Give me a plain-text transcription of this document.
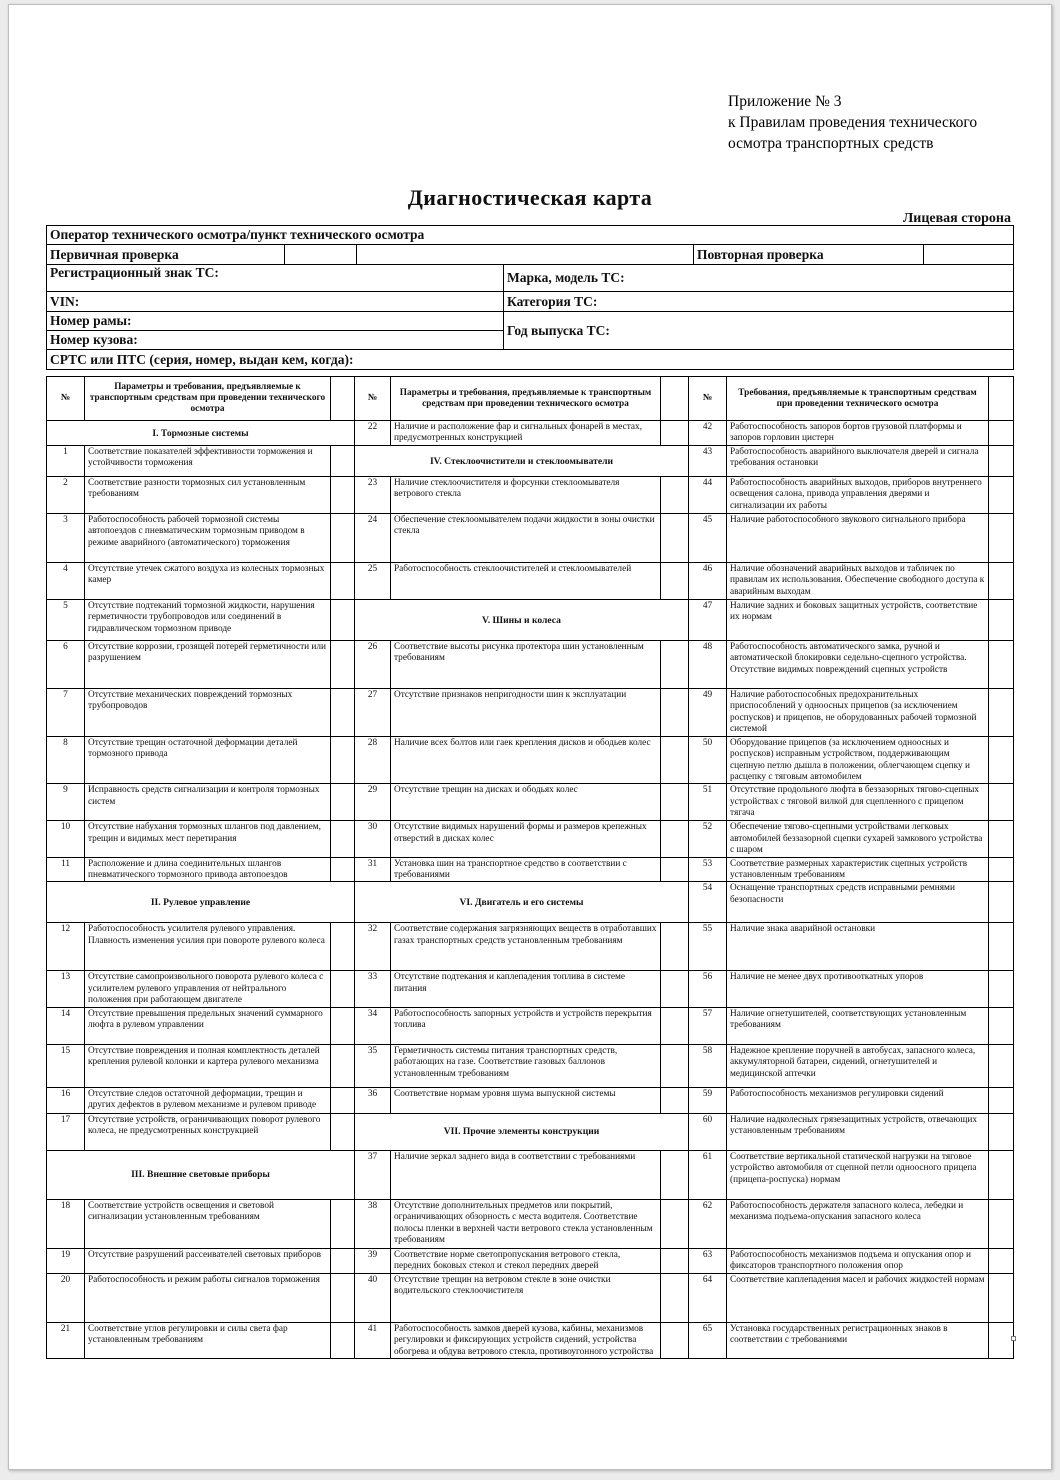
Приложение № 3
к Правилам проведения технического
осмотра транспортных средств
Диагностическая карта
Лицевая сторона
Оператор технического осмотра/пункт технического осмотра					
Первичная проверка				Повторная проверка	
Регистрационный знак ТС:			Марка, модель ТС:		
VIN:			Категория ТС:		
Номер рамы:			Год выпуска ТС:		
Номер кузова:					
СРТС или ПТС (серия, номер, выдан кем, когда):					
№	Параметры и требования, предъявляемые к транспортным средствам при проведении технического осмотра		№	Параметры и требования, предъявляемые к транспортным средствам при проведении технического осмотра		№	Требования, предъявляемые к транспортным средствам при проведении технического осмотра	
I. Тормозные системы			22	Наличие и расположение фар и сигнальных фонарей в местах, предусмотренных конструкцией		42	Работоспособность запоров бортов грузовой платформы и запоров горловин цистерн	
1	Соответствие показателей эффективности торможения и устойчивости торможения		IV. Стеклоочистители и стеклоомыватели			43	Работоспособность аварийного выключателя дверей и сигнала требования остановки	
2	Соответствие разности тормозных сил установленным требованиям		23	Наличие стеклоочистителя и форсунки стеклоомывателя ветрового стекла		44	Работоспособность аварийных выходов, приборов внутреннего освещения салона, привода управления дверями и сигнализации их работы	
3	Работоспособность рабочей тормозной системы автопоездов с пневматическим тормозным приводом в режиме аварийного (автоматического) торможения		24	Обеспечение стеклоомывателем подачи жидкости в зоны очистки стекла		45	Наличие работоспособного звукового сигнального прибора	
4	Отсутствие утечек сжатого воздуха из колесных тормозных камер		25	Работоспособность стеклоочистителей и стеклоомывателей		46	Наличие обозначений аварийных выходов и табличек по правилам их использования. Обеспечение свободного доступа к аварийным выходам	
5	Отсутствие подтеканий тормозной жидкости, нарушения герметичности трубопроводов или соединений в гидравлическом тормозном приводе		V. Шины и колеса			47	Наличие задних и боковых защитных устройств, соответствие их нормам	
6	Отсутствие коррозии, грозящей потерей герметичности или разрушением		26	Соответствие высоты рисунка протектора шин установленным требованиям		48	Работоспособность автоматического замка, ручной и автоматической блокировки седельно-сцепного устройства. Отсутствие видимых повреждений сцепных устройств	
7	Отсутствие механических повреждений тормозных трубопроводов		27	Отсутствие признаков непригодности шин к эксплуатации		49	Наличие работоспособных предохранительных приспособлений у одноосных прицепов (за исключением роспусков) и прицепов, не оборудованных рабочей тормозной системой	
8	Отсутствие трещин остаточной деформации деталей тормозного привода		28	Наличие всех болтов или гаек крепления дисков и ободьев колес		50	Оборудование прицепов (за исключением одноосных и роспусков) исправным устройством, поддерживающим сцепную петлю дышла в положении, облегчающем сцепку и расцепку с тяговым автомобилем	
9	Исправность средств сигнализации и контроля тормозных систем		29	Отсутствие трещин на дисках и ободьях колес		51	Отсутствие продольного люфта в беззазорных тягово-сцепных устройствах с тяговой вилкой для сцепленного с прицепом тягача	
10	Отсутствие набухания тормозных шлангов под давлением, трещин и видимых мест перетирания		30	Отсутствие видимых нарушений формы и размеров крепежных отверстий в дисках колес		52	Обеспечение тягово-сцепными устройствами легковых автомобилей беззазорной сцепки сухарей замкового устройства с шаром	
11	Расположение и длина соединительных шлангов пневматического тормозного привода автопоездов		31	Установка шин на транспортное средство в соответствии с требованиями		53	Соответствие размерных характеристик сцепных устройств установленным требованиям	
II. Рулевое управление			VI. Двигатель и его системы			54	Оснащение транспортных средств исправными ремнями безопасности	
12	Работоспособность усилителя рулевого управления. Плавность изменения усилия при повороте рулевого колеса		32	Соответствие содержания загрязняющих веществ в отработавших газах транспортных средств установленным требованиям		55	Наличие знака аварийной остановки	
13	Отсутствие самопроизвольного поворота рулевого колеса с усилителем рулевого управления от нейтрального положения при работающем двигателе		33	Отсутствие подтекания и каплепадения топлива в системе питания		56	Наличие не менее двух противооткатных упоров	
14	Отсутствие превышения предельных значений суммарного люфта в рулевом управлении		34	Работоспособность запорных устройств и устройств перекрытия топлива		57	Наличие огнетушителей, соответствующих установленным требованиям	
15	Отсутствие повреждения и полная комплектность деталей крепления рулевой колонки и картера рулевого механизма		35	Герметичность системы питания транспортных средств, работающих на газе. Соответствие газовых баллонов установленным требованиям		58	Надежное крепление поручней в автобусах, запасного колеса, аккумуляторной батареи, сидений, огнетушителей и медицинской аптечки	
16	Отсутствие следов остаточной деформации, трещин и других дефектов в рулевом механизме и рулевом приводе		36	Соответствие нормам уровня шума выпускной системы		59	Работоспособность механизмов регулировки сидений	
17	Отсутствие устройств, ограничивающих поворот рулевого колеса, не предусмотренных конструкцией		VII. Прочие элементы конструкции			60	Наличие надколесных грязезащитных устройств, отвечающих установленным требованиям	
III. Внешние световые приборы			37	Наличие зеркал заднего вида в соответствии с требованиями		61	Соответствие вертикальной статической нагрузки на тяговое устройство автомобиля от сцепной петли одноосного прицепа (прицепа-роспуска) нормам	
18	Соответствие устройств освещения и световой сигнализации установленным требованиям		38	Отсутствие дополнительных предметов или покрытий, ограничивающих обзорность с места водителя. Соответствие полосы пленки в верхней части ветрового стекла установленным требованиям		62	Работоспособность держателя запасного колеса, лебедки и механизма подъема-опускания запасного колеса	
19	Отсутствие разрушений рассеивателей световых приборов		39	Соответствие норме светопропускания ветрового стекла, передних боковых стекол и стекол передних дверей		63	Работоспособность механизмов подъема и опускания опор и фиксаторов транспортного положения опор	
20	Работоспособность и режим работы сигналов торможения		40	Отсутствие трещин на ветровом стекле в зоне очистки водительского стеклоочистителя		64	Соответствие каплепадения масел и рабочих жидкостей нормам	
21	Соответствие углов регулировки и силы света фар установленным требованиям		41	Работоспособность замков дверей кузова, кабины, механизмов регулировки и фиксирующих устройств сидений, устройства обогрева и обдува ветрового стекла, противоугонного устройства		65	Установка государственных регистрационных знаков в соответствии с требованиями	
